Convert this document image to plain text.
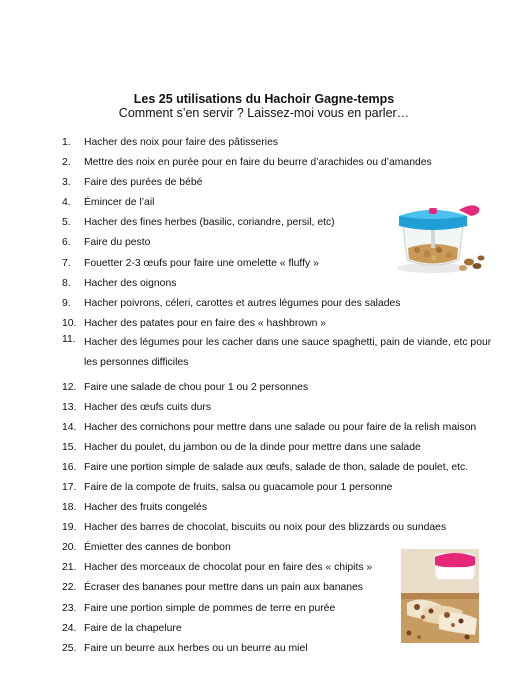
Les 25 utilisations du Hachoir Gagne-temps
Comment s’en servir ? Laissez-moi vous en parler…
1. Hacher des noix pour faire des pâtisseries
2. Mettre des noix en purée pour en faire du beurre d’arachides ou d’amandes
3. Faire des purées de bébé
4. Émincer de l’ail
5. Hacher des fines herbes (basilic, coriandre, persil, etc)
6. Faire du pesto
7. Fouetter 2-3 œufs pour faire une omelette « fluffy »
8. Hacher des oignons
9. Hacher poivrons, céleri, carottes et autres légumes pour des salades
10. Hacher des patates pour en faire des « hashbrown »
11. Hacher des légumes pour les cacher dans une sauce spaghetti, pain de viande, etc pour les personnes difficiles
12. Faire une salade de chou pour 1 ou 2 personnes
13. Hacher des œufs cuits durs
14. Hacher des cornichons pour mettre dans une salade ou pour faire de la relish maison
15. Hacher du poulet, du jambon ou de la dinde pour mettre dans une salade
16. Faire une portion simple de salade aux œufs, salade de thon, salade de poulet, etc.
17. Faire de la compote de fruits, salsa ou guacamole pour 1 personne
18. Hacher des fruits congelés
19. Hacher des barres de chocolat, biscuits ou noix pour des blizzards ou sundaes
20. Émietter des cannes de bonbon
21. Hacher des morceaux de chocolat pour en faire des « chipits »
22. Écraser des bananes pour mettre dans un pain aux bananes
23. Faire une portion simple de pommes de terre en purée
24. Faire de la chapelure
25. Faire un beurre aux herbes ou un beurre au miel
